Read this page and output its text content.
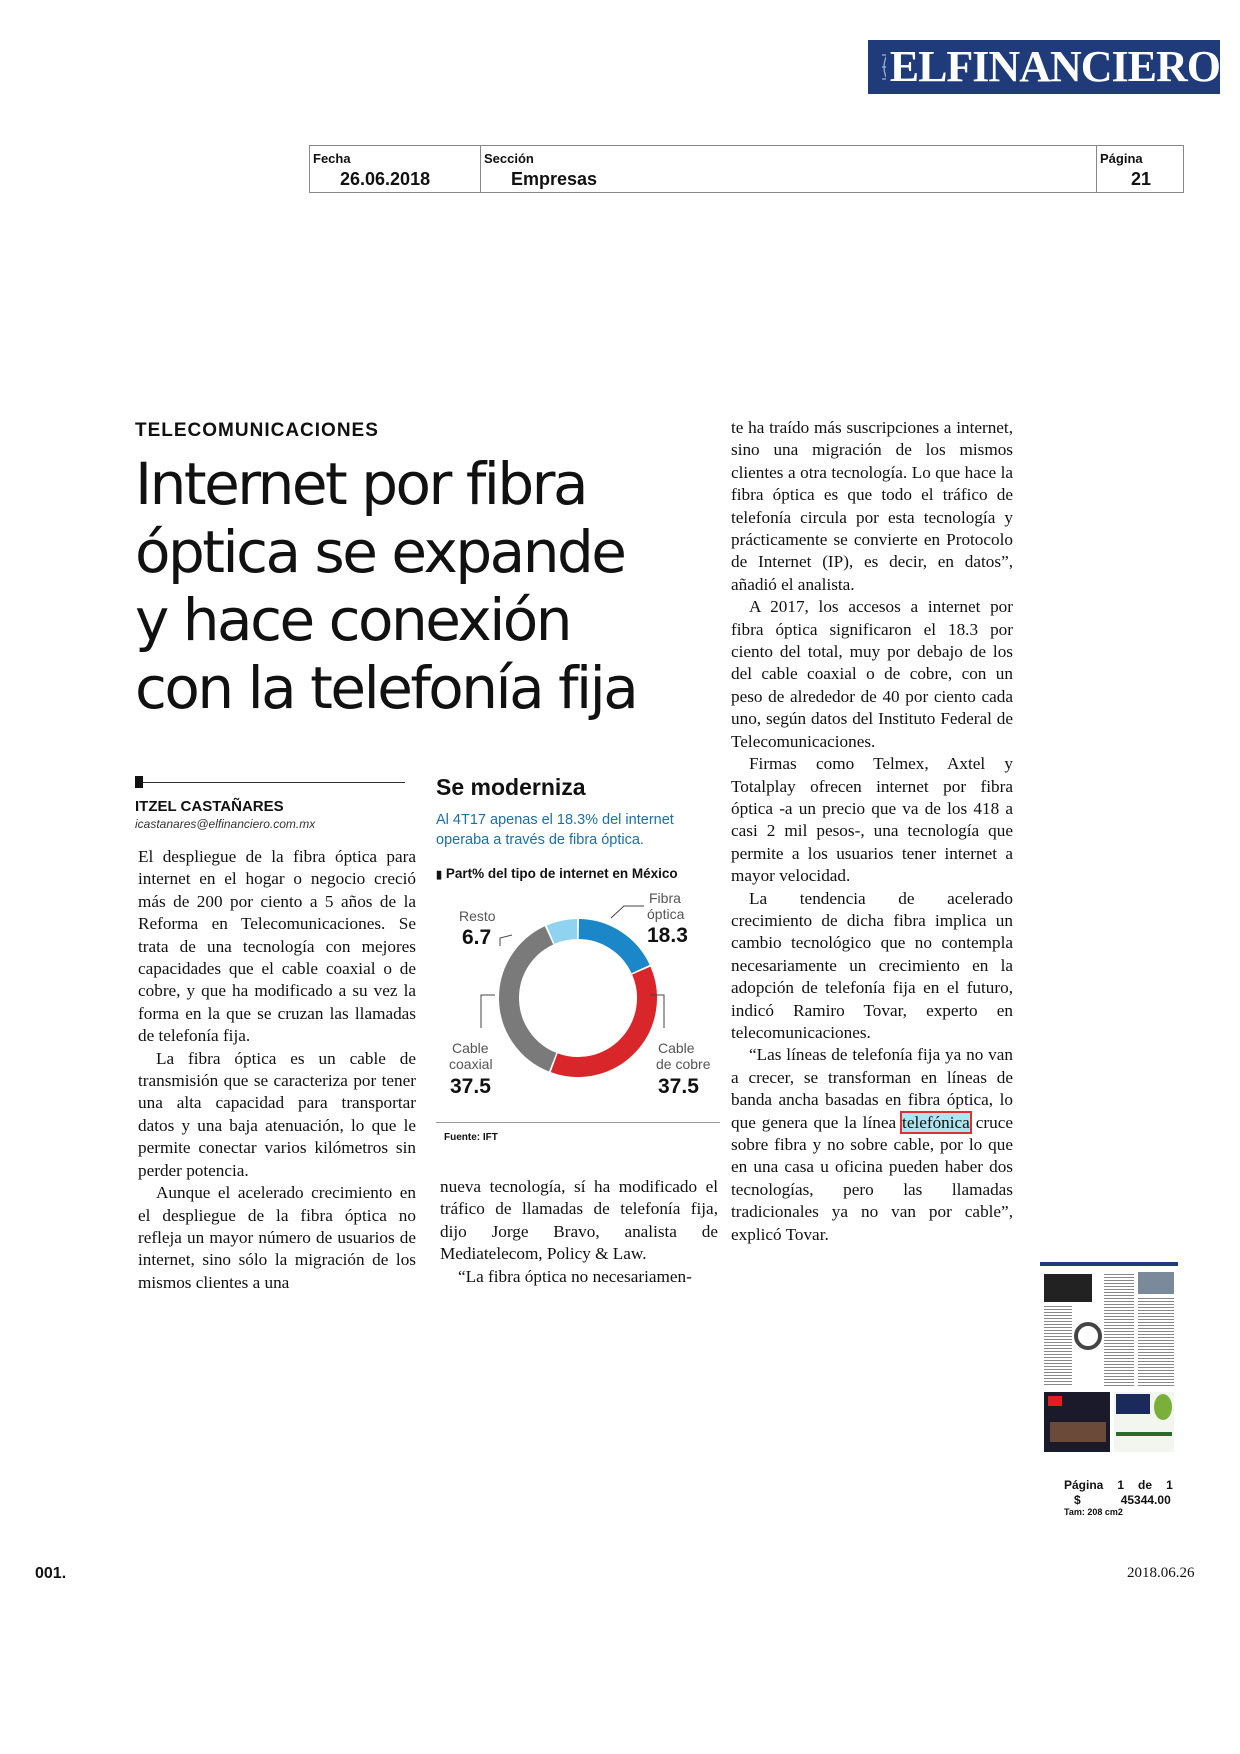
ELFINANCIERO
Fecha
26.06.2018
Sección
Empresas
Página
21
TELECOMUNICACIONES
Internet por fibra
óptica se expande
y hace conexión
con la telefonía fija
ITZEL CASTAÑARES
icastanares@elfinanciero.com.mx

El despliegue de la fibra óptica para internet en el hogar o negocio creció más de 200 por ciento a 5 años de la Reforma en Telecomunicaciones. Se trata de una tecnología con mejores capacidades que el cable coaxial o de cobre, y que ha modificado a su vez la forma en la que se cruzan las llamadas de telefonía fija.

La fibra óptica es un cable de transmisión que se caracteriza por tener una alta capacidad para transportar datos y una baja atenuación, lo que le permite conectar varios kilómetros sin perder potencia.

Aunque el acelerado crecimiento en el despliegue de la fibra óptica no refleja un mayor número de usuarios de internet, sino sólo la migración de los mismos clientes a una

nueva tecnología, sí ha modificado el tráfico de llamadas de telefonía fija, dijo Jorge Bravo, analista de Mediatelecom, Policy & Law.

“La fibra óptica no necesariamen-

te ha traído más suscripciones a internet, sino una migración de los mismos clientes a otra tecnología. Lo que hace la fibra óptica es que todo el tráfico de telefonía circula por esta tecnología y prácticamente se convierte en Protocolo de Internet (IP), es decir, en datos”, añadió el analista.

A 2017, los accesos a internet por fibra óptica significaron el 18.3 por ciento del total, muy por debajo de los del cable coaxial o de cobre, con un peso de alrededor de 40 por ciento cada uno, según datos del Instituto Federal de Telecomunicaciones.

Firmas como Telmex, Axtel y Totalplay ofrecen internet por fibra óptica -a un precio que va de los 418 a casi 2 mil pesos-, una tecnología que permite a los usuarios tener internet a mayor velocidad.

La tendencia de acelerado crecimiento de dicha fibra implica un cambio tecnológico que no contempla necesariamente un crecimiento en la adopción de telefonía fija en el futuro, indicó Ramiro Tovar, experto en telecomunicaciones.

“Las líneas de telefonía fija ya no van a crecer, se transforman en líneas de banda ancha basadas en fibra óptica, lo que genera que la línea telefónica cruce sobre fibra y no sobre cable, por lo que en una casa u oficina pueden haber dos tecnologías, pero las llamadas tradicionales ya no van por cable”, explicó Tovar.

Se moderniza
Al 4T17 apenas el 18.3% del internet operaba a través de fibra óptica.
▮ Part% del tipo de internet en México
Fibra
óptica
18.3
Resto
6.7
Cable
coaxial
37.5
Cable
de cobre
37.5
Fuente: IFT
Página 1 de 1
$	45344.00
Tam: 208 cm2
001.	2018.06.26
